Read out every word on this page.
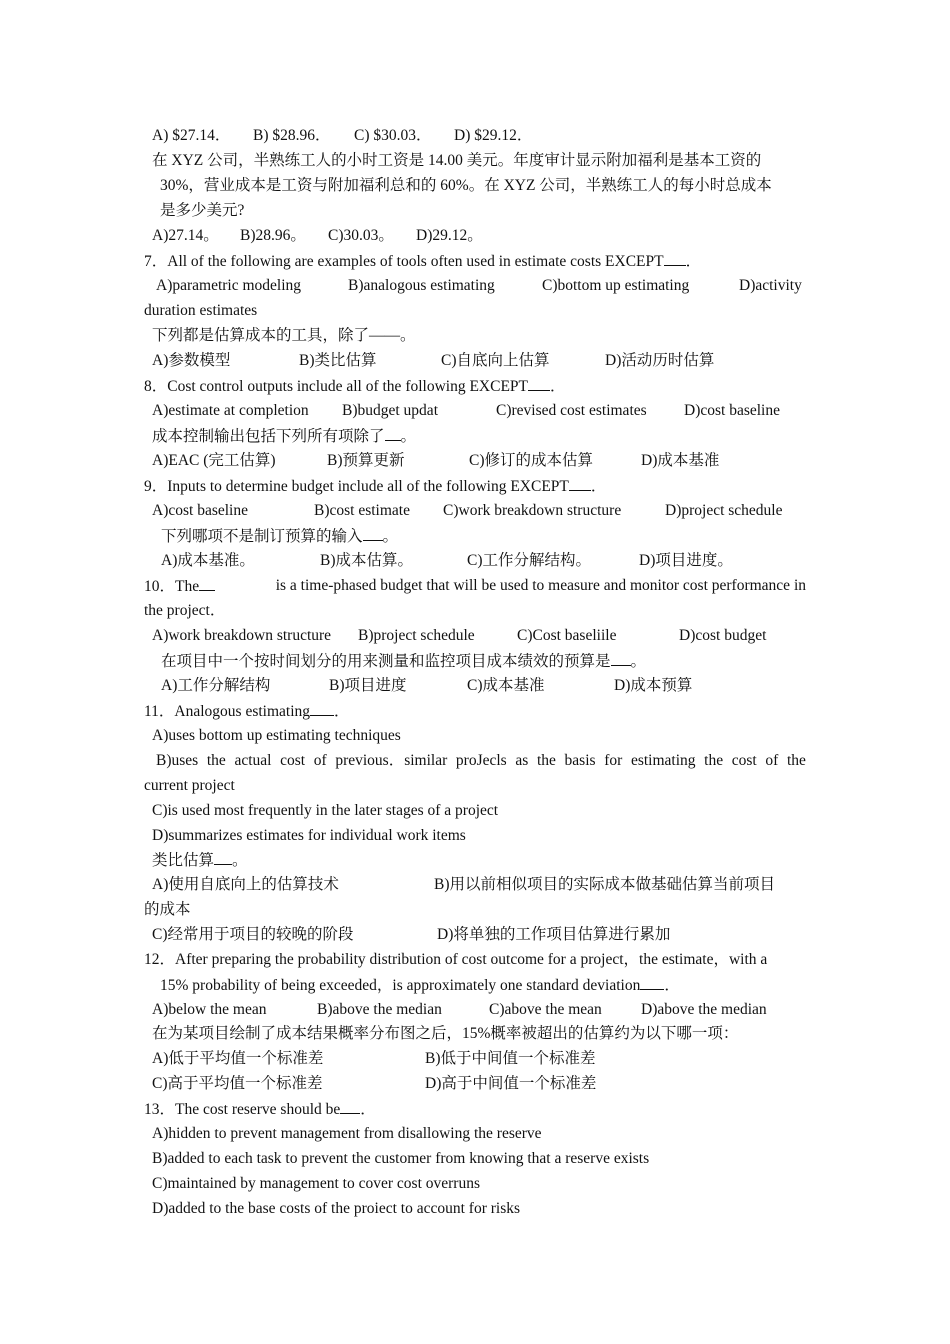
A) $27.14． B) $28.96． C) $30.03． D) $29.12．
在 XYZ 公司，半熟练工人的小时工资是 14.00 美元。年度审计显示附加福利是基本工资的
30%，营业成本是工资与附加福利总和的 60%。在 XYZ 公司，半熟练工人的每小时总成本
是多少美元?
A)27.14。 B)28.96。 C)30.03。 D)29.12。
7．All of the following are examples of tools often used in estimate costs EXCEPT ．
A)parametric modeling	B)analogous estimating	C)bottom up estimating	D)activity
duration estimates
下列都是估算成本的工具，除了——。
A)参数模型	B)类比估算	C)自底向上估算	D)活动历时估算
8．Cost control outputs include all of the following EXCEPT ．
A)estimate at completion B)budget updat	C)revised cost estimates D)cost baseline
成本控制输出包括下列所有项除了 。
A)EAC (完工估算)	B)预算更新	C)修订的成本估算	D)成本基准
9．Inputs to determine budget include all of the following EXCEPT ．
A)cost baseline	B)cost estimate C)work breakdown structure	D)project schedule
下列哪项不是制订预算的输入 。
A)成本基准。	B)成本估算。	C)工作分解结构。	D)项目进度。
10．The	is a time-phased budget that will be used to measure and monitor cost performance in
the project．
A)work breakdown structure B)project schedule	C)Cost baseliile	D)cost budget
在项目中一个按时间划分的用来测量和监控项目成本绩效的预算是 。
A)工作分解结构	B)项目进度	C)成本基准	D)成本预算
11．Analogous estimating ．
A)uses bottom up estimating techniques
B)uses the actual cost of previous．similar proJecls as the basis for estimating the cost of the
current project
C)is used most frequently in the later stages of a project
D)summarizes estimates for individual work items
类比估算 。
A)使用自底向上的估算技术	B)用以前相似项目的实际成本做基础估算当前项目
的成本
C)经常用于项目的较晚的阶段	D)将单独的工作项目估算进行累加
12．After preparing the probability distribution of cost outcome for a project，the estimate，with a
15% probability of being exceeded，is approximately one standard deviation ．
A)below the mean	B)above the median	C)above the mean	D)above the median
在为某项目绘制了成本结果概率分布图之后，15%概率被超出的估算约为以下哪一项：
A)低于平均值一个标准差	B)低于中间值一个标准差
C)高于平均值一个标准差	D)高于中间值一个标准差
13．The cost reserve should be ．
A)hidden to prevent management from disallowing the reserve
B)added to each task to prevent the customer from knowing that a reserve exists
C)maintained by management to cover cost overruns
D)added to the base costs of the proiect to account for risks
